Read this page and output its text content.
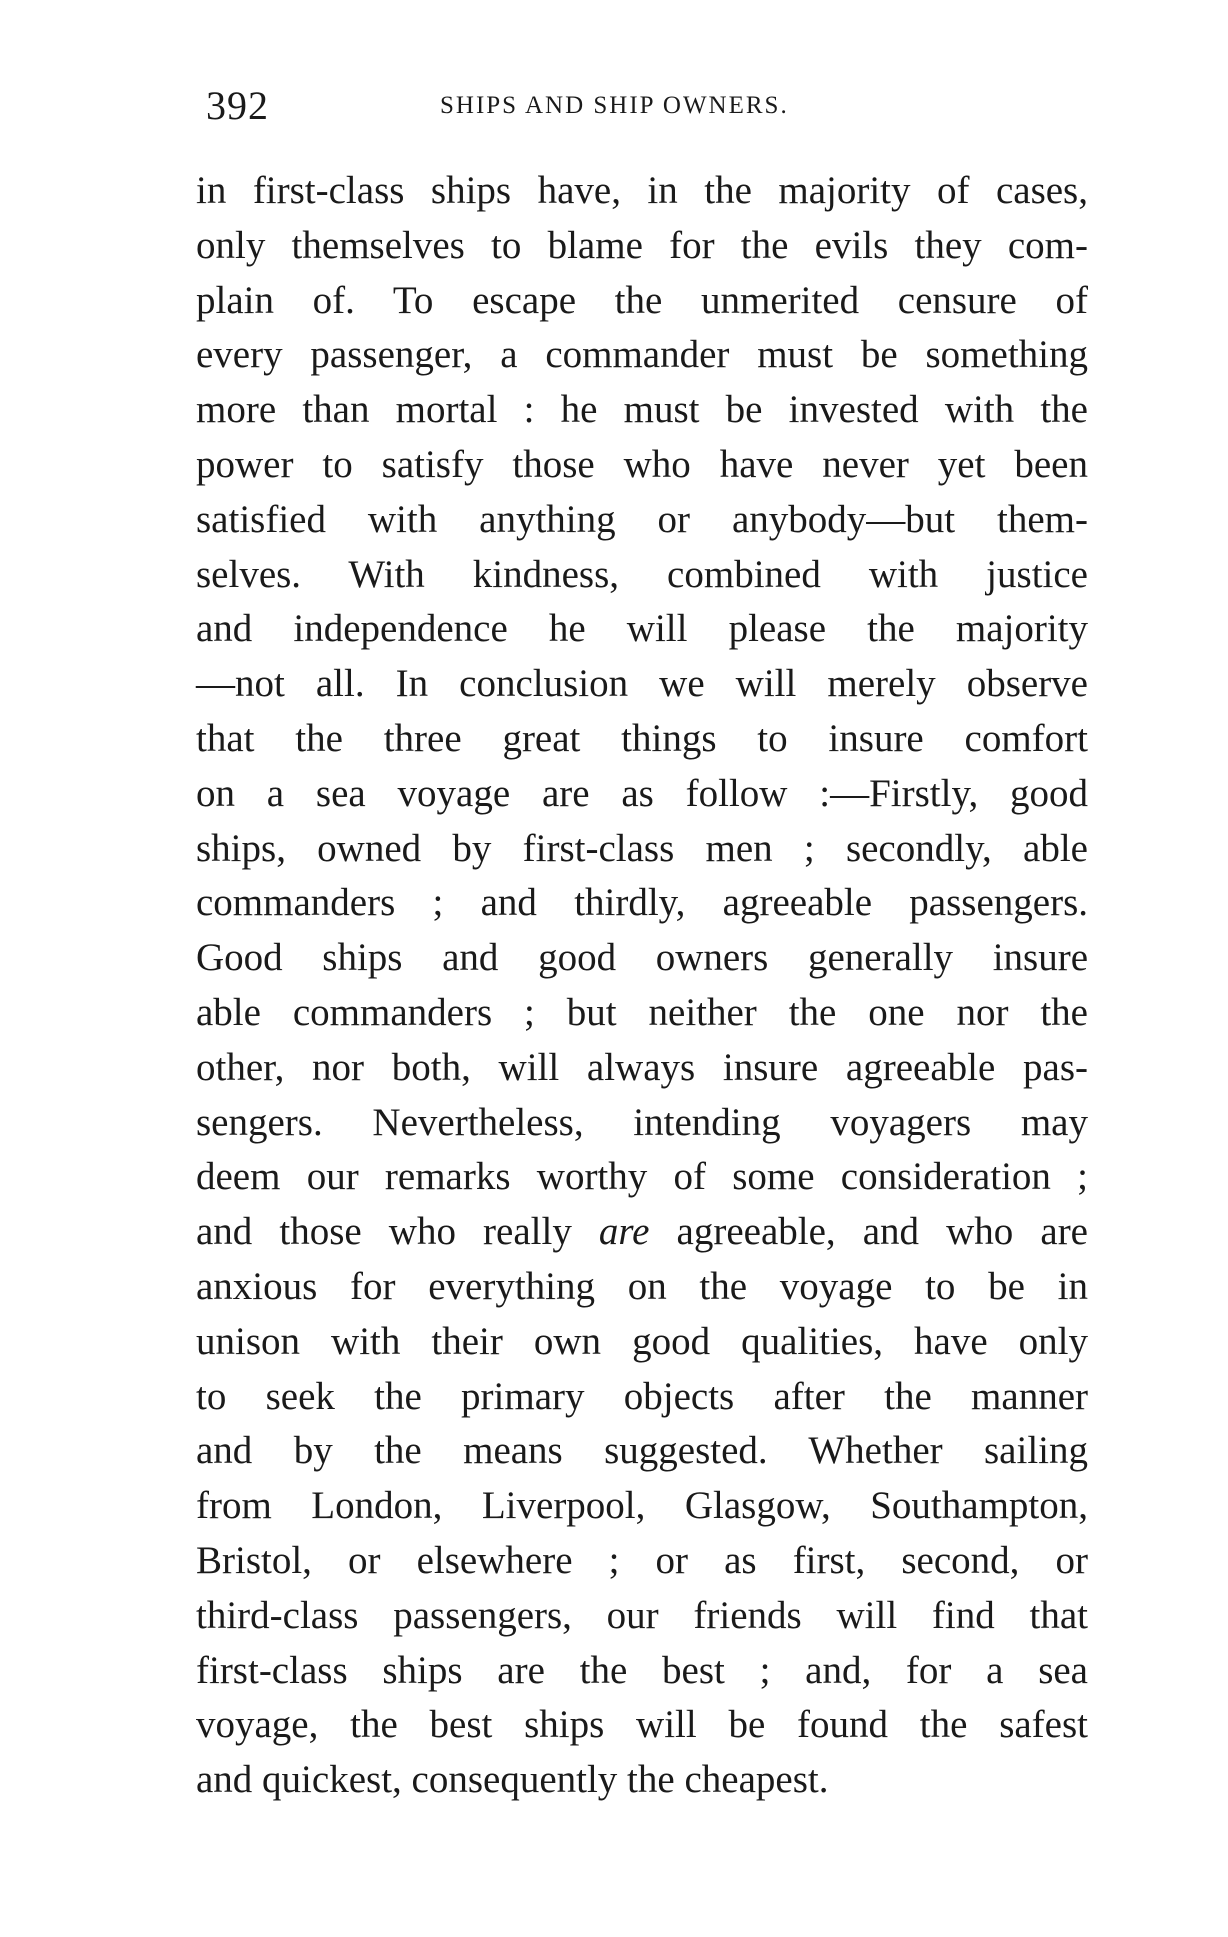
392	SHIPS AND SHIP OWNERS.
in first-class ships have, in the majority of cases,
only themselves to blame for the evils they com-
plain of. To escape the unmerited censure of
every passenger, a commander must be something
more than mortal : he must be invested with the
power to satisfy those who have never yet been
satisfied with anything or anybody—but them-
selves. With kindness, combined with justice
and independence he will please the majority
—not all. In conclusion we will merely observe
that the three great things to insure comfort
on a sea voyage are as follow :—Firstly, good
ships, owned by first-class men ; secondly, able
commanders ; and thirdly, agreeable passengers.
Good ships and good owners generally insure
able commanders ; but neither the one nor the
other, nor both, will always insure agreeable pas-
sengers. Nevertheless, intending voyagers may
deem our remarks worthy of some consideration ;
and those who really are agreeable, and who are
anxious for everything on the voyage to be in
unison with their own good qualities, have only
to seek the primary objects after the manner
and by the means suggested. Whether sailing
from London, Liverpool, Glasgow, Southampton,
Bristol, or elsewhere ; or as first, second, or
third-class passengers, our friends will find that
first-class ships are the best ; and, for a sea
voyage, the best ships will be found the safest
and quickest, consequently the cheapest.
